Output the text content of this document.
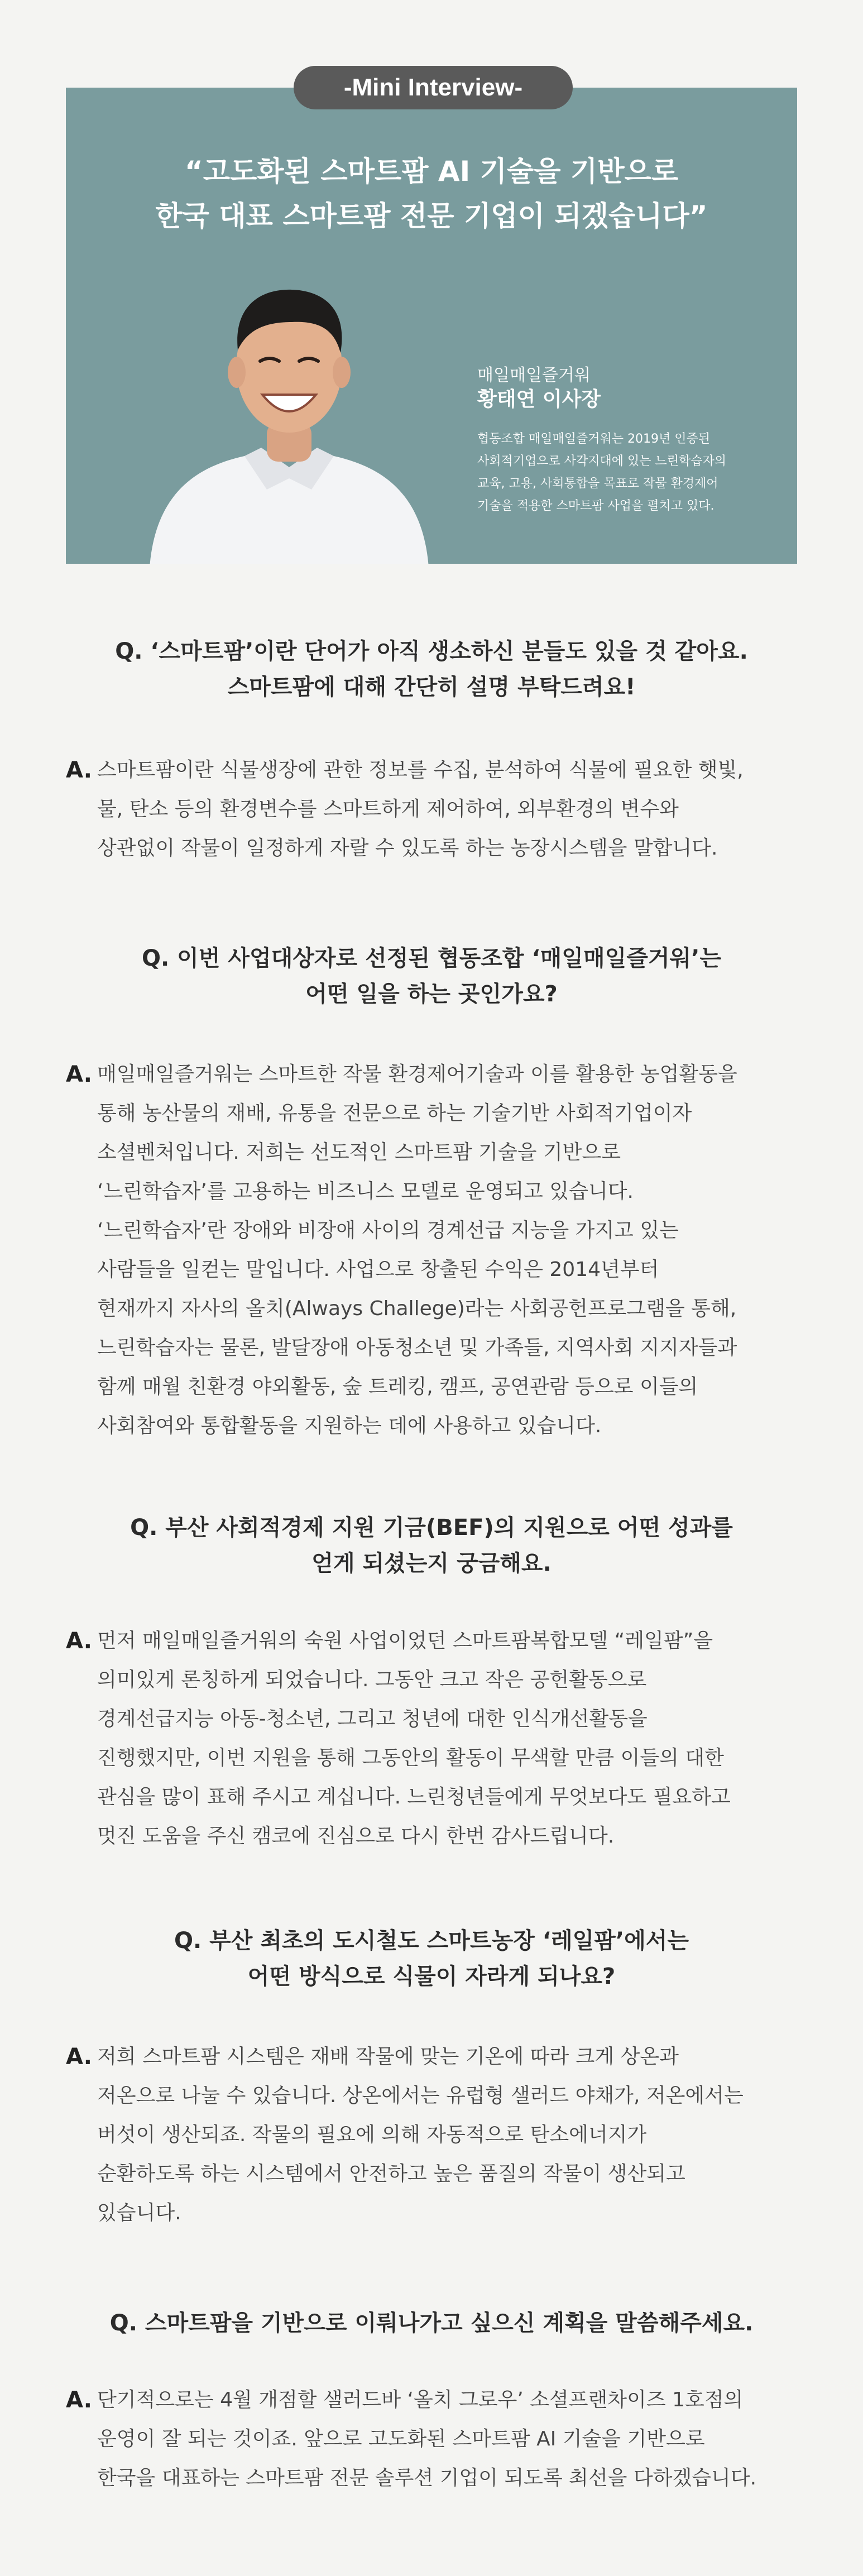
-Mini Interview-
“고도화된 스마트팜 AI 기술을 기반으로
한국 대표 스마트팜 전문 기업이 되겠습니다”
매일매일즐거워
황태연 이사장
협동조합 매일매일즐거워는 2019년 인증된
사회적기업으로 사각지대에 있는 느린학습자의
교육, 고용, 사회통합을 목표로 작물 환경제어
기술을 적용한 스마트팜 사업을 펼치고 있다.
Q. ‘스마트팜’이란 단어가 아직 생소하신 분들도 있을 것 같아요.
스마트팜에 대해 간단히 설명 부탁드려요!
A. 스마트팜이란 식물생장에 관한 정보를 수집, 분석하여 식물에 필요한 햇빛,
물, 탄소 등의 환경변수를 스마트하게 제어하여, 외부환경의 변수와
상관없이 작물이 일정하게 자랄 수 있도록 하는 농장시스템을 말합니다.
Q. 이번 사업대상자로 선정된 협동조합 ‘매일매일즐거워’는
어떤 일을 하는 곳인가요?
A. 매일매일즐거워는 스마트한 작물 환경제어기술과 이를 활용한 농업활동을
통해 농산물의 재배, 유통을 전문으로 하는 기술기반 사회적기업이자
소셜벤처입니다. 저희는 선도적인 스마트팜 기술을 기반으로
‘느린학습자’를 고용하는 비즈니스 모델로 운영되고 있습니다.
‘느린학습자’란 장애와 비장애 사이의 경계선급 지능을 가지고 있는
사람들을 일컫는 말입니다. 사업으로 창출된 수익은 2014년부터
현재까지 자사의 올치(Always Challege)라는 사회공헌프로그램을 통해,
느린학습자는 물론, 발달장애 아동청소년 및 가족들, 지역사회 지지자들과
함께 매월 친환경 야외활동, 숲 트레킹, 캠프, 공연관람 등으로 이들의
사회참여와 통합활동을 지원하는 데에 사용하고 있습니다.
Q. 부산 사회적경제 지원 기금(BEF)의 지원으로 어떤 성과를
얻게 되셨는지 궁금해요.
A. 먼저 매일매일즐거워의 숙원 사업이었던 스마트팜복합모델 “레일팜”을
의미있게 론칭하게 되었습니다. 그동안 크고 작은 공헌활동으로
경계선급지능 아동-청소년, 그리고 청년에 대한 인식개선활동을
진행했지만, 이번 지원을 통해 그동안의 활동이 무색할 만큼 이들의 대한
관심을 많이 표해 주시고 계십니다. 느린청년들에게 무엇보다도 필요하고
멋진 도움을 주신 캠코에 진심으로 다시 한번 감사드립니다.
Q. 부산 최초의 도시철도 스마트농장 ‘레일팜’에서는
어떤 방식으로 식물이 자라게 되나요?
A. 저희 스마트팜 시스템은 재배 작물에 맞는 기온에 따라 크게 상온과
저온으로 나눌 수 있습니다. 상온에서는 유럽형 샐러드 야채가, 저온에서는
버섯이 생산되죠. 작물의 필요에 의해 자동적으로 탄소에너지가
순환하도록 하는 시스템에서 안전하고 높은 품질의 작물이 생산되고
있습니다.
Q. 스마트팜을 기반으로 이뤄나가고 싶으신 계획을 말씀해주세요.
A. 단기적으로는 4월 개점할 샐러드바 ‘올치 그로우’ 소셜프랜차이즈 1호점의
운영이 잘 되는 것이죠. 앞으로 고도화된 스마트팜 AI 기술을 기반으로
한국을 대표하는 스마트팜 전문 솔루션 기업이 되도록 최선을 다하겠습니다.
